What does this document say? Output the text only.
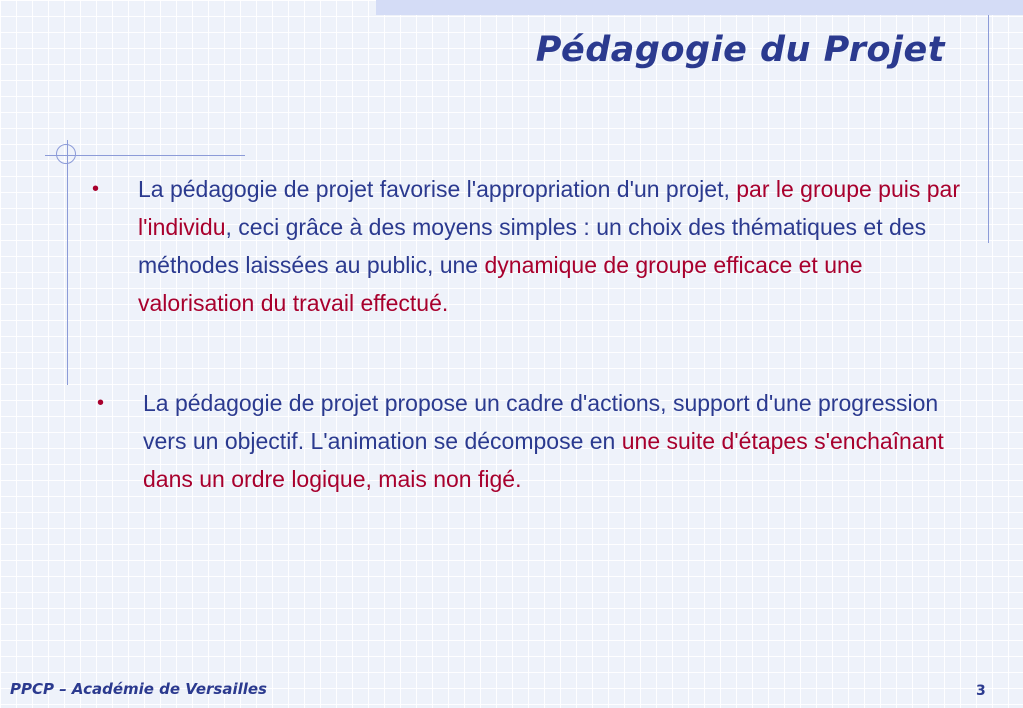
Pédagogie du Projet
•	La pédagogie de projet favorise l'appropriation d'un projet, par le groupe puis par l'individu, ceci grâce à des moyens simples : un choix des thématiques et des méthodes laissées au public, une dynamique de groupe efficace et une valorisation du travail effectué.

•	La pédagogie de projet propose un cadre d'actions, support d'une progression vers un objectif. L'animation se décompose en une suite d'étapes s'enchaînant dans un ordre logique, mais non figé.

PPCP – Académie de Versailles	3
